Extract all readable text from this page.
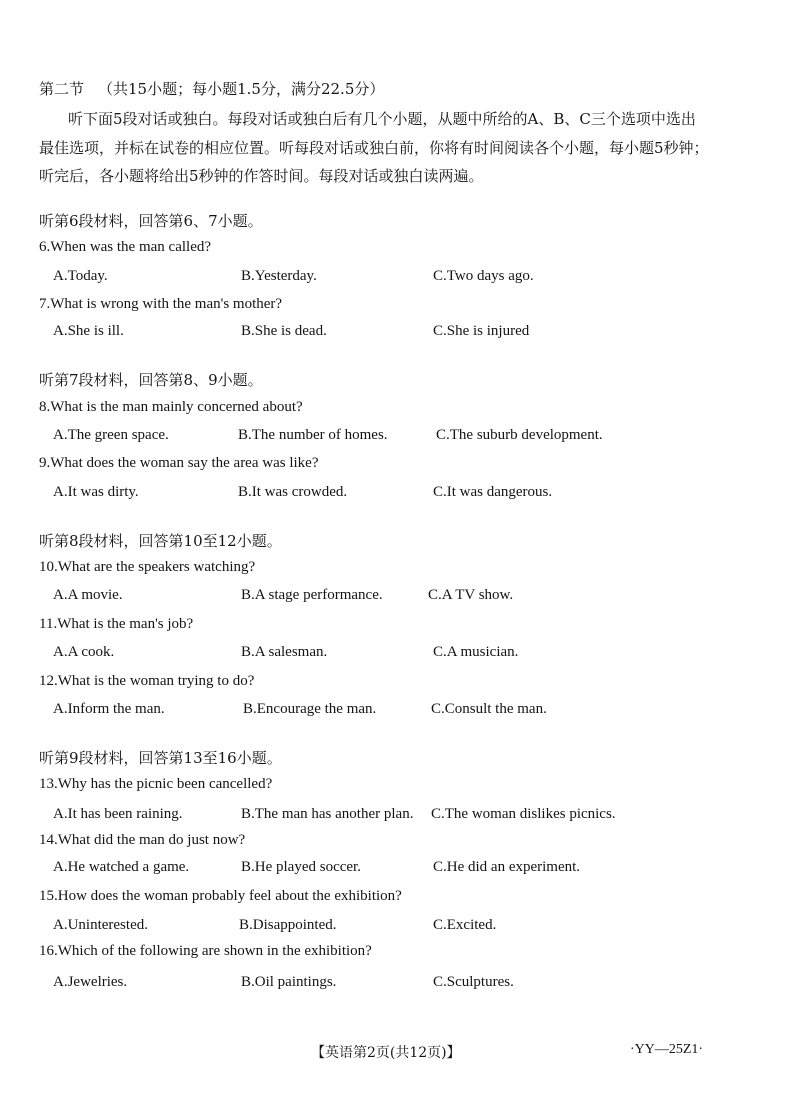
第二节 （共15小题；每小题1.5分，满分22.5分）
听下面5段对话或独白。每段对话或独白后有几个小题，从题中所给的A、B、C三个选项中选出
最佳选项，并标在试卷的相应位置。听每段对话或独白前，你将有时间阅读各个小题，每小题5秒钟；
听完后，各小题将给出5秒钟的作答时间。每段对话或独白读两遍。
听第6段材料，回答第6、7小题。
6.When was the man called?
A.Today.	B.Yesterday.	C.Two days ago.
7.What is wrong with the man's mother?
A.She is ill.	B.She is dead.	C.She is injured
听第7段材料，回答第8、9小题。
8.What is the man mainly concerned about?
A.The green space.	B.The number of homes.	C.The suburb development.
9.What does the woman say the area was like?
A.It was dirty.	B.It was crowded.	C.It was dangerous.
听第8段材料，回答第10至12小题。
10.What are the speakers watching?
A.A movie.	B.A stage performance.	C.A TV show.
11.What is the man's job?
A.A cook.	B.A salesman.	C.A musician.
12.What is the woman trying to do?
A.Inform the man.	B.Encourage the man.	C.Consult the man.
听第9段材料，回答第13至16小题。
13.Why has the picnic been cancelled?
A.It has been raining.	B.The man has another plan. C.The woman dislikes picnics.
14.What did the man do just now?
A.He watched a game.	B.He played soccer.	C.He did an experiment.
15.How does the woman probably feel about the exhibition?
A.Uninterested.	B.Disappointed.	C.Excited.
16.Which of the following are shown in the exhibition?
A.Jewelries.	B.Oil paintings.	C.Sculptures.
【英语第2页(共12页)】	·YY—25Z1·
